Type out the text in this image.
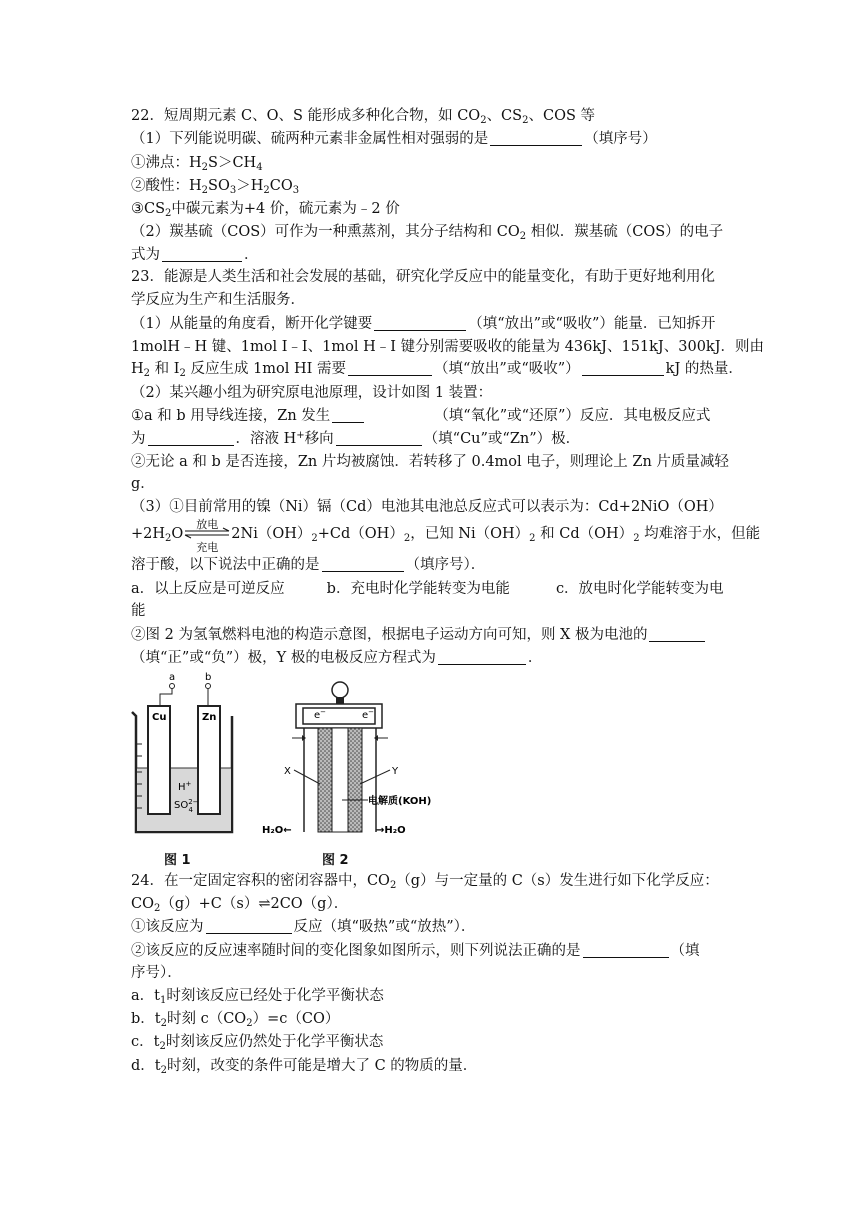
22．短周期元素 C、O、S 能形成多种化合物，如 $CO_2$、$CS_2$、COS 等
（1）下列能说明碳、硫两种元素非金属性相对强弱的是	（填序号）
①沸点：$H_2S>CH_4$
②酸性：$H_2SO_3>H_2CO_3$
$③CS_2$中碳元素为+4 价，硫元素为﹣2 价
（2）羰基硫（COS）可作为一种熏蒸剂，其分子结构和 $CO_2$ 相似．羰基硫（COS）的电子
式为	．
23．能源是人类生活和社会发展的基础，研究化学反应中的能量变化，有助于更好地利用化
学反应为生产和生活服务．
（1）从能量的角度看，断开化学键要	（填“放出”或“吸收”）能量．已知拆开
1molH﹣H 键、1mol I﹣I、1mol H﹣I 键分别需要吸收的能量为 436kJ、151kJ、300kJ．则由
$H_2$ 和 $I_2$ 反应生成 1mol HI 需要	（填“放出”或“吸收”）	kJ 的热量．
（2）某兴趣小组为研究原电池原理，设计如图 1 装置：
①a 和 b 用导线连接，Zn 发生	（填“氧化”或“还原”）反应．其电极反应式
为	．溶液 H+移向	（填“Cu”或“Zn”）极．
②无论 a 和 b 是否连接，Zn 片均被腐蚀．若转移了 0.4mol 电子，则理论上 Zn 片质量减轻
g．
（3）①目前常用的镍（Ni）镉（Cd）电池其电池总反应式可以表示为：Cd+2NiO（OH）
$+2H_2O$
放电
充电
$2Ni(OH)_2+Cd(OH)_2$，已知 $Ni(OH)_2$ 和 $Cd(OH)_2$ 均难溶于水，但能
溶于酸，以下说法中正确的是	（填序号）．
a．以上反应是可逆反应	b．充电时化学能转变为电能	c．放电时化学能转变为电
能
②图 2 为氢氧燃料电池的构造示意图，根据电子运动方向可知，则 X 极为电池的
（填“正”或“负”）极，Y 极的电极反应方程式为	．
a	b
Cu	Zn
H+
$SO^{2-}$ 4
图 1
e−	e−
X	Y
电解质(KOH)
H₂O←	→H₂O
图 2
24．在一定固定容积的密闭容器中，$CO_2(g)$与一定量的 C（s）发生进行如下化学反应：
$CO_2(g)+C(s)\rightleftharpoons 2CO(g)$．
①该反应为	反应（填“吸热”或“放热”）．
②该反应的反应速率随时间的变化图象如图所示，则下列说法正确的是	（填
序号）．
a．$t_1$时刻该反应已经处于化学平衡状态
b．$t_2$时刻 $c(CO_2)=c(CO)$
c．$t_2$时刻该反应仍然处于化学平衡状态
d．$t_2$时刻，改变的条件可能是增大了 C 的物质的量．
